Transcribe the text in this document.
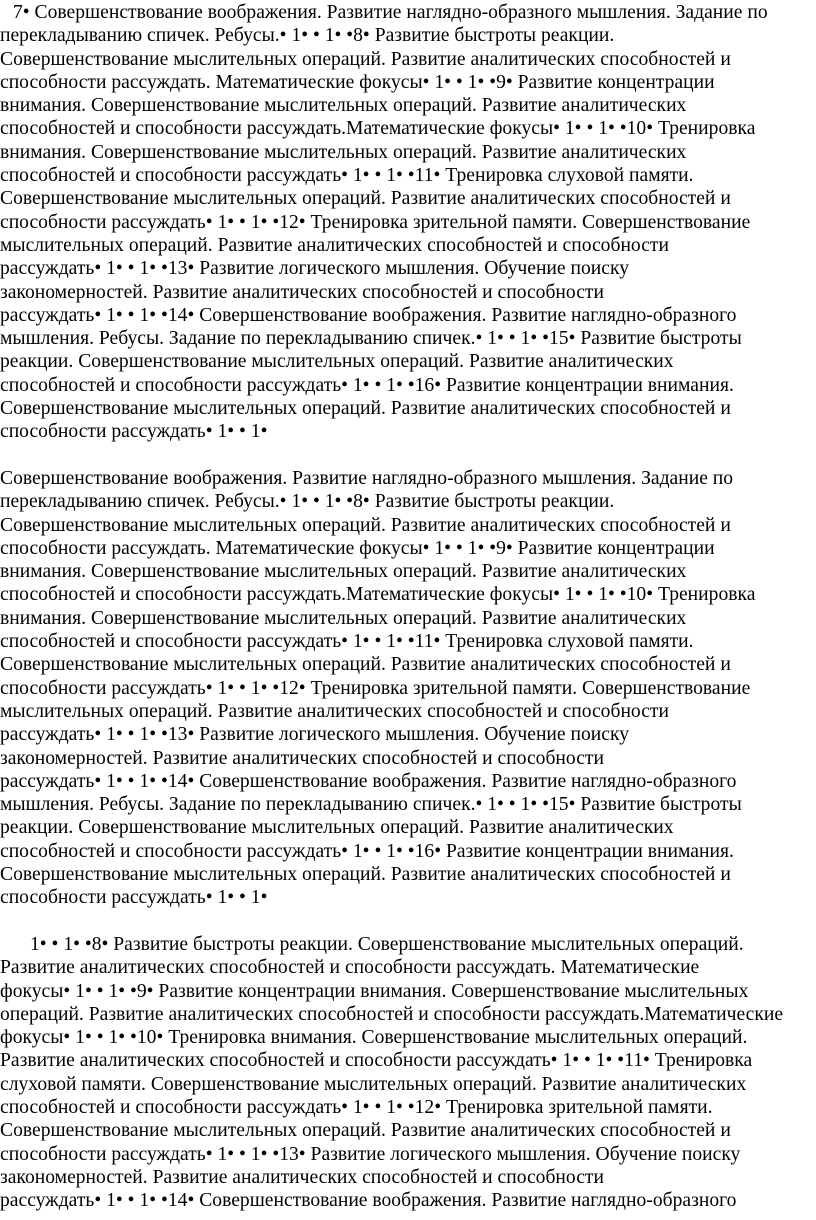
7• Совершенствование воображения. Развитие наглядно-образного мышления. Задание по
перекладыванию спичек. Ребусы.• 1• • 1• •8• Развитие быстроты реакции.
Совершенствование мыслительных операций. Развитие аналитических способностей и
способности рассуждать. Математические фокусы• 1• • 1• •9• Развитие концентрации
внимания. Совершенствование мыслительных операций. Развитие аналитических
способностей и способности рассуждать.Математические фокусы• 1• • 1• •10• Тренировка
внимания. Совершенствование мыслительных операций. Развитие аналитических
способностей и способности рассуждать• 1• • 1• •11• Тренировка слуховой памяти.
Совершенствование мыслительных операций. Развитие аналитических способностей и
способности рассуждать• 1• • 1• •12• Тренировка зрительной памяти. Совершенствование
мыслительных операций. Развитие аналитических способностей и способности
рассуждать• 1• • 1• •13• Развитие логического мышления. Обучение поиску
закономерностей. Развитие аналитических способностей и способности
рассуждать• 1• • 1• •14• Совершенствование воображения. Развитие наглядно-образного
мышления. Ребусы. Задание по перекладыванию спичек.• 1• • 1• •15• Развитие быстроты
реакции. Совершенствование мыслительных операций. Развитие аналитических
способностей и способности рассуждать• 1• • 1• •16• Развитие концентрации внимания.
Совершенствование мыслительных операций. Развитие аналитических способностей и
способности рассуждать• 1• • 1•
Совершенствование воображения. Развитие наглядно-образного мышления. Задание по
перекладыванию спичек. Ребусы.• 1• • 1• •8• Развитие быстроты реакции.
Совершенствование мыслительных операций. Развитие аналитических способностей и
способности рассуждать. Математические фокусы• 1• • 1• •9• Развитие концентрации
внимания. Совершенствование мыслительных операций. Развитие аналитических
способностей и способности рассуждать.Математические фокусы• 1• • 1• •10• Тренировка
внимания. Совершенствование мыслительных операций. Развитие аналитических
способностей и способности рассуждать• 1• • 1• •11• Тренировка слуховой памяти.
Совершенствование мыслительных операций. Развитие аналитических способностей и
способности рассуждать• 1• • 1• •12• Тренировка зрительной памяти. Совершенствование
мыслительных операций. Развитие аналитических способностей и способности
рассуждать• 1• • 1• •13• Развитие логического мышления. Обучение поиску
закономерностей. Развитие аналитических способностей и способности
рассуждать• 1• • 1• •14• Совершенствование воображения. Развитие наглядно-образного
мышления. Ребусы. Задание по перекладыванию спичек.• 1• • 1• •15• Развитие быстроты
реакции. Совершенствование мыслительных операций. Развитие аналитических
способностей и способности рассуждать• 1• • 1• •16• Развитие концентрации внимания.
Совершенствование мыслительных операций. Развитие аналитических способностей и
способности рассуждать• 1• • 1•
1• • 1• •8• Развитие быстроты реакции. Совершенствование мыслительных операций.
Развитие аналитических способностей и способности рассуждать. Математические
фокусы• 1• • 1• •9• Развитие концентрации внимания. Совершенствование мыслительных
операций. Развитие аналитических способностей и способности рассуждать.Математические
фокусы• 1• • 1• •10• Тренировка внимания. Совершенствование мыслительных операций.
Развитие аналитических способностей и способности рассуждать• 1• • 1• •11• Тренировка
слуховой памяти. Совершенствование мыслительных операций. Развитие аналитических
способностей и способности рассуждать• 1• • 1• •12• Тренировка зрительной памяти.
Совершенствование мыслительных операций. Развитие аналитических способностей и
способности рассуждать• 1• • 1• •13• Развитие логического мышления. Обучение поиску
закономерностей. Развитие аналитических способностей и способности
рассуждать• 1• • 1• •14• Совершенствование воображения. Развитие наглядно-образного
